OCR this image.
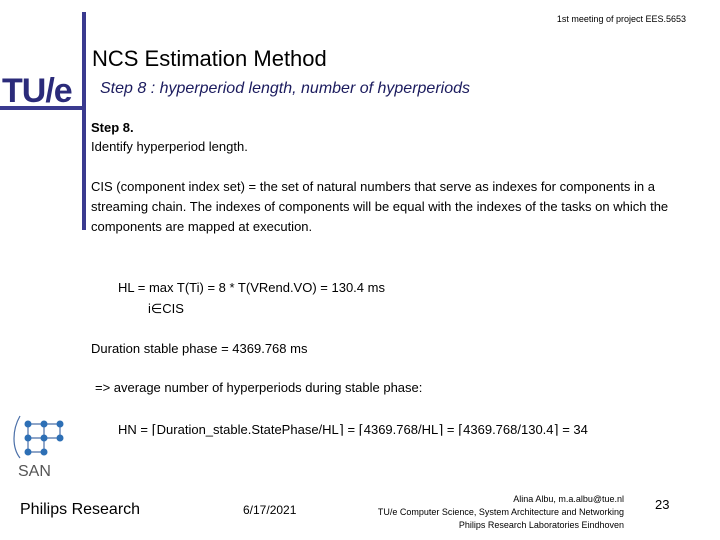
1st meeting of project EES.5653
TU/e
NCS Estimation Method
Step 8 : hyperperiod length, number of hyperperiods
Step 8.
Identify hyperperiod length.
CIS (component index set) = the set of natural numbers that serve as indexes for components in a streaming chain. The indexes of components will be equal with the indexes of the tasks on which the components are mapped at execution.
HL = max T(Ti) = 8 * T(VRend.VO) = 130.4 ms
i∈CIS
Duration stable phase = 4369.768 ms
=> average number of hyperperiods during stable phase:
HN = ⌈Duration_stable.StatePhase/HL⌉ = ⌈4369.768/HL⌉ = ⌈4369.768/130.4⌉ = 34
SAN
Philips Research	6/17/2021
Alina Albu, m.a.albu@tue.nl
TU/e Computer Science, System Architecture and Networking
Philips Research Laboratories Eindhoven
23
